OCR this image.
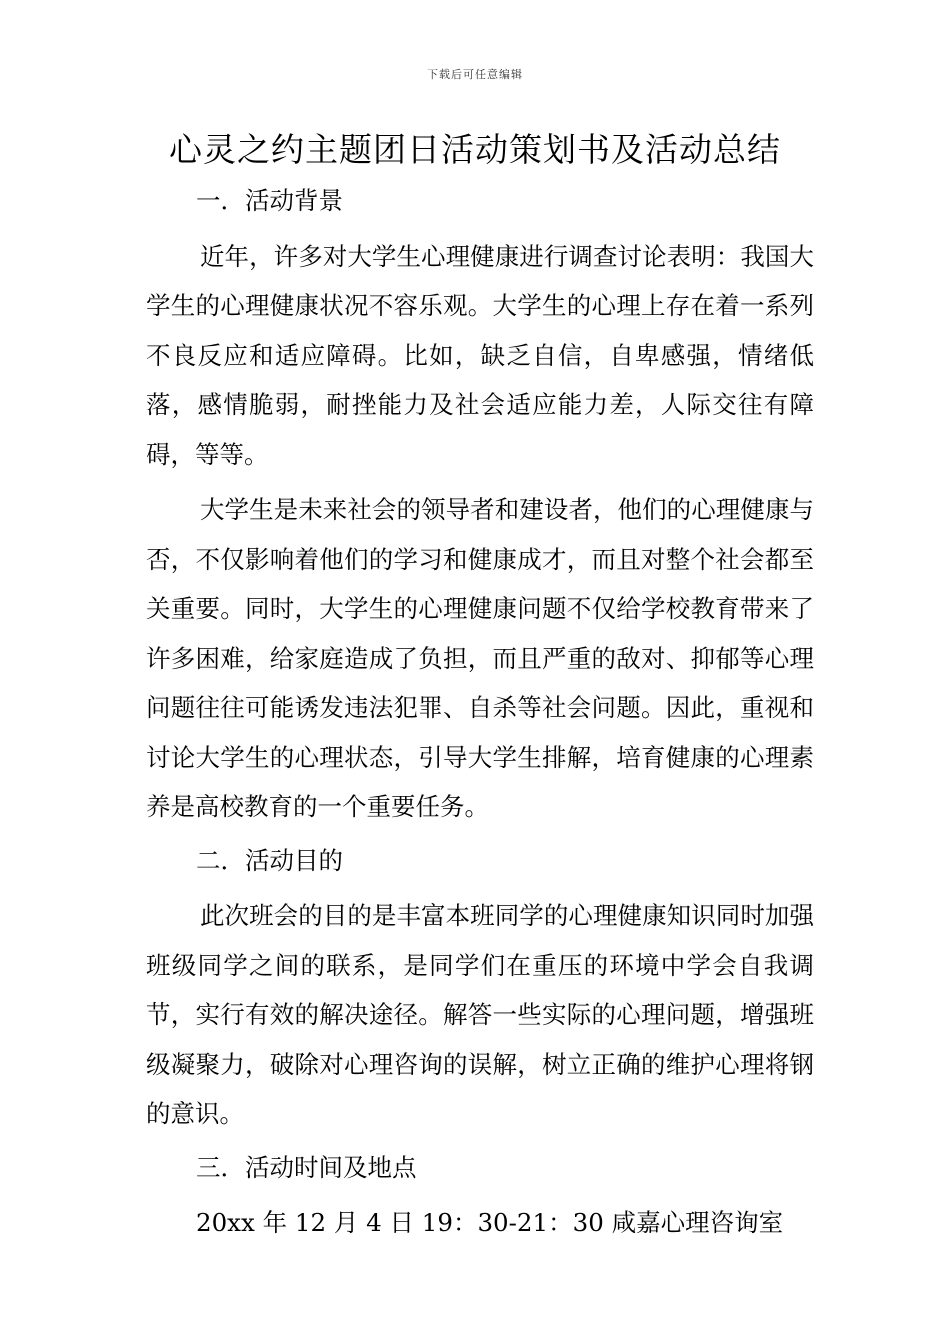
下载后可任意编辑
心灵之约主题团日活动策划书及活动总结
一．活动背景

近年，许多对大学生心理健康进行调查讨论表明：我国大学生的心理健康状况不容乐观。大学生的心理上存在着一系列不良反应和适应障碍。比如，缺乏自信，自卑感强，情绪低落，感情脆弱，耐挫能力及社会适应能力差，人际交往有障碍，等等。

大学生是未来社会的领导者和建设者，他们的心理健康与否，不仅影响着他们的学习和健康成才，而且对整个社会都至关重要。同时，大学生的心理健康问题不仅给学校教育带来了许多困难，给家庭造成了负担，而且严重的敌对、抑郁等心理问题往往可能诱发违法犯罪、自杀等社会问题。因此，重视和讨论大学生的心理状态，引导大学生排解，培育健康的心理素养是高校教育的一个重要任务。

二．活动目的

此次班会的目的是丰富本班同学的心理健康知识同时加强班级同学之间的联系，是同学们在重压的环境中学会自我调节，实行有效的解决途径。解答一些实际的心理问题，增强班级凝聚力，破除对心理咨询的误解，树立正确的维护心理将钢的意识。

三．活动时间及地点

20xx 年 12 月 4 日 19：30-21：30 咸嘉心理咨询室
